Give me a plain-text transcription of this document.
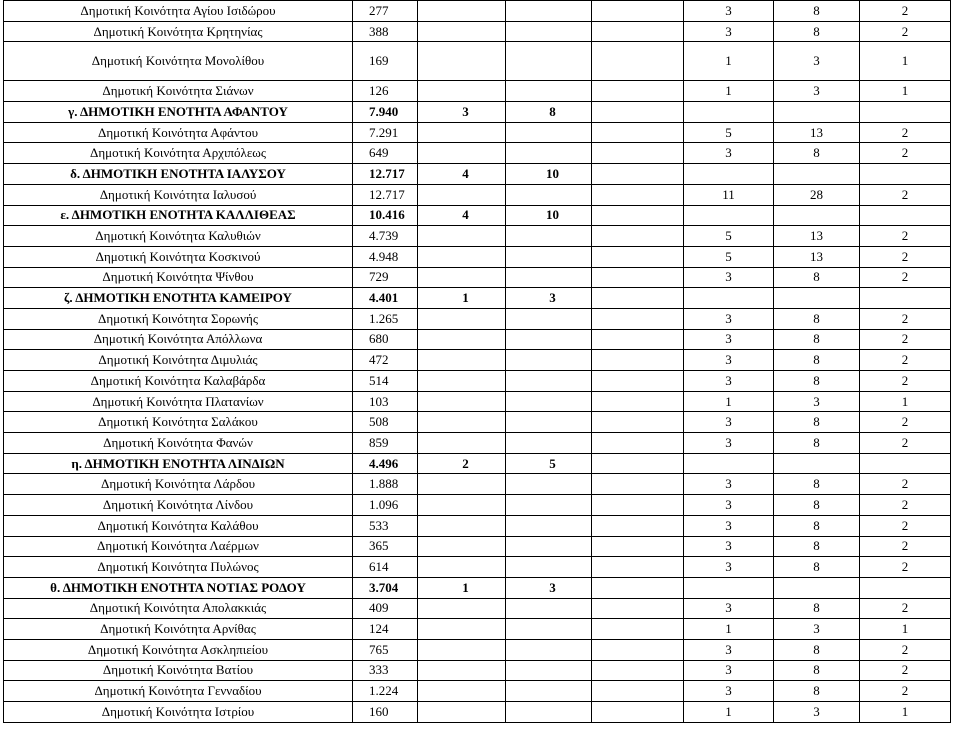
Δημοτική Κοινότητα Αγίου Ισιδώρου	277				3	8	2
Δημοτική Κοινότητα Κρητηνίας	388				3	8	2
Δημοτική Κοινότητα Μονολίθου	169				1	3	1
Δημοτική Κοινότητα Σιάνων	126				1	3	1
γ. ΔΗΜΟΤΙΚΗ ΕΝΟΤΗΤΑ ΑΦΑΝΤΟΥ	7.940	3	8				
Δημοτική Κοινότητα Αφάντου	7.291				5	13	2
Δημοτική Κοινότητα Αρχιπόλεως	649				3	8	2
δ. ΔΗΜΟΤΙΚΗ ΕΝΟΤΗΤΑ ΙΑΛΥΣΟΥ	12.717	4	10				
Δημοτική Κοινότητα Ιαλυσού	12.717				11	28	2
ε. ΔΗΜΟΤΙΚΗ ΕΝΟΤΗΤΑ ΚΑΛΛΙΘΕΑΣ	10.416	4	10				
Δημοτική Κοινότητα Καλυθιών	4.739				5	13	2
Δημοτική Κοινότητα Κοσκινού	4.948				5	13	2
Δημοτική Κοινότητα Ψίνθου	729				3	8	2
ζ. ΔΗΜΟΤΙΚΗ ΕΝΟΤΗΤΑ ΚΑΜΕΙΡΟΥ	4.401	1	3				
Δημοτική Κοινότητα Σορωνής	1.265				3	8	2
Δημοτική Κοινότητα Απόλλωνα	680				3	8	2
Δημοτική Κοινότητα Διμυλιάς	472				3	8	2
Δημοτική Κοινότητα Καλαβάρδα	514				3	8	2
Δημοτική Κοινότητα Πλατανίων	103				1	3	1
Δημοτική Κοινότητα Σαλάκου	508				3	8	2
Δημοτική Κοινότητα Φανών	859				3	8	2
η. ΔΗΜΟΤΙΚΗ ΕΝΟΤΗΤΑ ΛΙΝΔΙΩΝ	4.496	2	5				
Δημοτική Κοινότητα Λάρδου	1.888				3	8	2
Δημοτική Κοινότητα Λίνδου	1.096				3	8	2
Δημοτική Κοινότητα Καλάθου	533				3	8	2
Δημοτική Κοινότητα Λαέρμων	365				3	8	2
Δημοτική Κοινότητα Πυλώνος	614				3	8	2
θ. ΔΗΜΟΤΙΚΗ ΕΝΟΤΗΤΑ ΝΟΤΙΑΣ ΡΟΔΟΥ	3.704	1	3				
Δημοτική Κοινότητα Απολακκιάς	409				3	8	2
Δημοτική Κοινότητα Αρνίθας	124				1	3	1
Δημοτική Κοινότητα Ασκληπιείου	765				3	8	2
Δημοτική Κοινότητα Βατίου	333				3	8	2
Δημοτική Κοινότητα Γενναδίου	1.224				3	8	2
Δημοτική Κοινότητα Ιστρίου	160				1	3	1
